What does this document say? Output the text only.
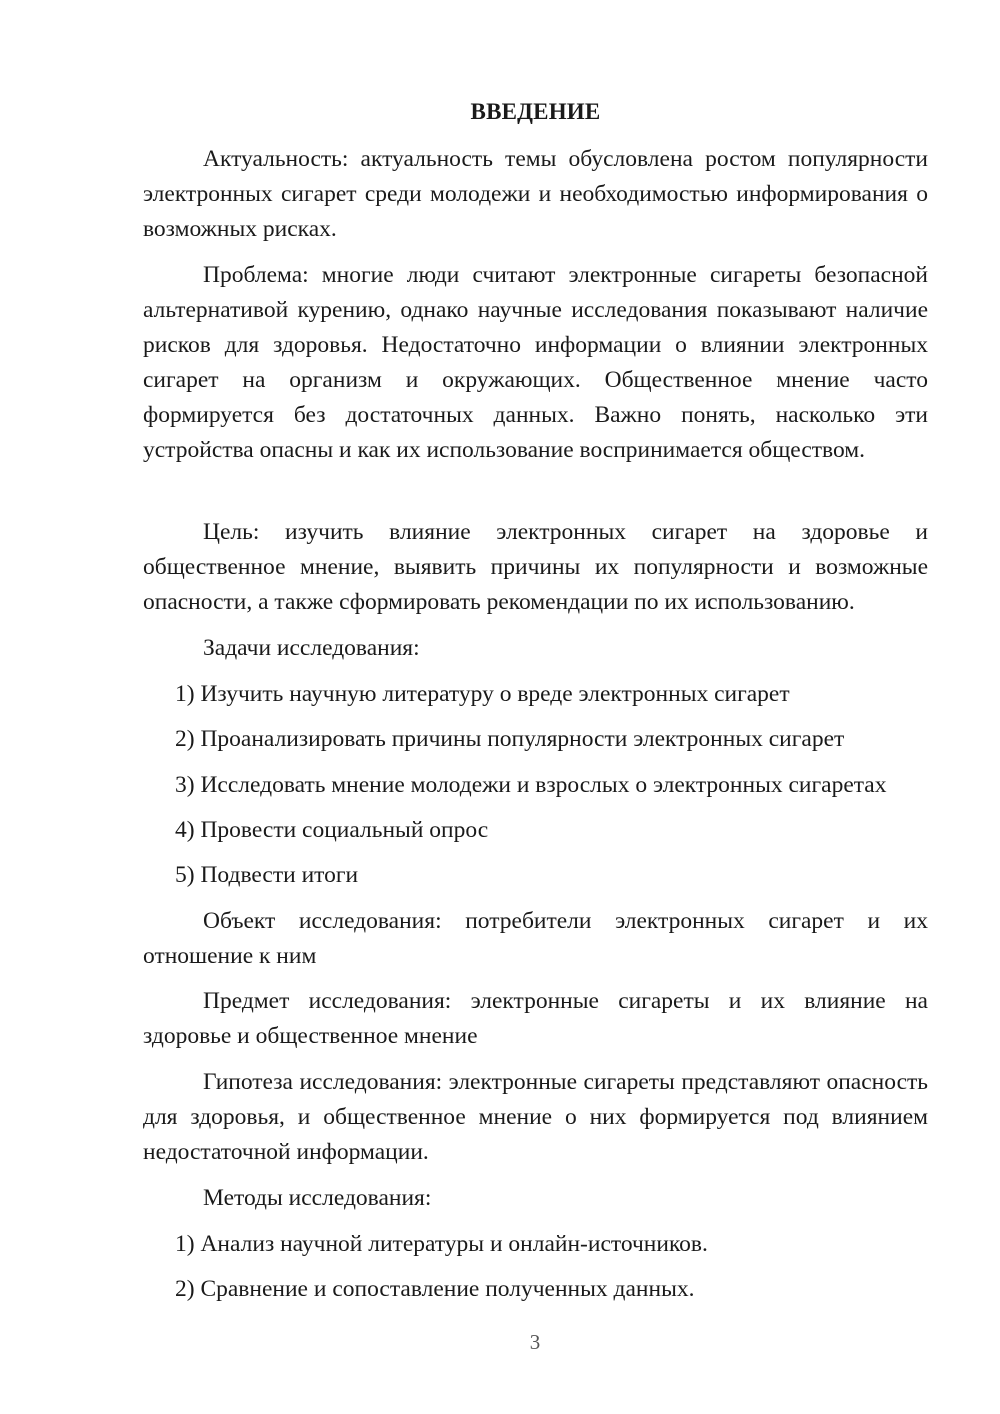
ВВЕДЕНИЕ

Актуальность: актуальность темы обусловлена ростом популярности электронных сигарет среди молодежи и необходимостью информирования о возможных рисках.

Проблема: многие люди считают электронные сигареты безопасной альтернативой курению, однако научные исследования показывают наличие рисков для здоровья. Недостаточно информации о влиянии электронных сигарет на организм и окружающих. Общественное мнение часто формируется без достаточных данных. Важно понять, насколько эти устройства опасны и как их использование воспринимается обществом.

Цель: изучить влияние электронных сигарет на здоровье и общественное мнение, выявить причины их популярности и возможные опасности, а также сформировать рекомендации по их использованию.

Задачи исследования:

1) Изучить научную литературу о вреде электронных сигарет
2) Проанализировать причины популярности электронных сигарет
3) Исследовать мнение молодежи и взрослых о электронных сигаретах
4) Провести социальный опрос
5) Подвести итоги

Объект исследования: потребители электронных сигарет и их отношение к ним

Предмет исследования: электронные сигареты и их влияние на здоровье и общественное мнение

Гипотеза исследования: электронные сигареты представляют опасность для здоровья, и общественное мнение о них формируется под влиянием недостаточной информации.

Методы исследования:

1) Анализ научной литературы и онлайн-источников.
2) Сравнение и сопоставление полученных данных.
3
